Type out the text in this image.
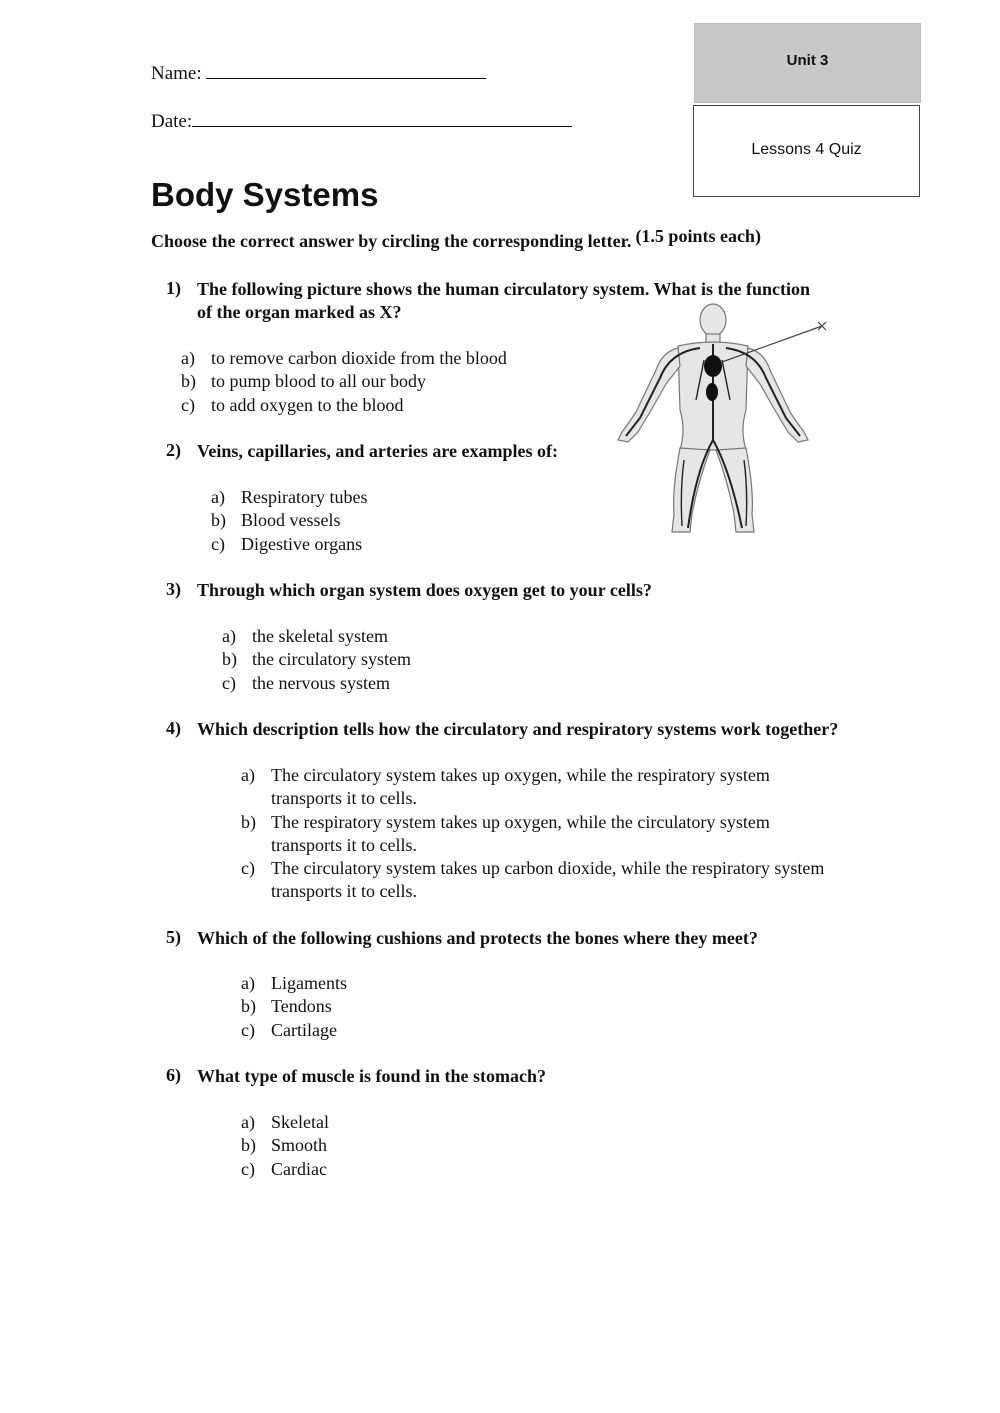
Name:
Date:
Unit 3
Lessons 4 Quiz
Body Systems
Choose the correct answer by circling the corresponding letter. (1.5 points each)
1) The following picture shows the human circulatory system. What is the function of the organ marked as X?
a) to remove carbon dioxide from the blood
b) to pump blood to all our body
c) to add oxygen to the blood
2) Veins, capillaries, and arteries are examples of:
a) Respiratory tubes
b) Blood vessels
c) Digestive organs
3) Through which organ system does oxygen get to your cells?
a) the skeletal system
b) the circulatory system
c) the nervous system
4) Which description tells how the circulatory and respiratory systems work together?
a) The circulatory system takes up oxygen, while the respiratory system transports it to cells.
b) The respiratory system takes up oxygen, while the circulatory system transports it to cells.
c) The circulatory system takes up carbon dioxide, while the respiratory system transports it to cells.
5) Which of the following cushions and protects the bones where they meet?
a) Ligaments
b) Tendons
c) Cartilage
6) What type of muscle is found in the stomach?
a) Skeletal
b) Smooth
c) Cardiac
